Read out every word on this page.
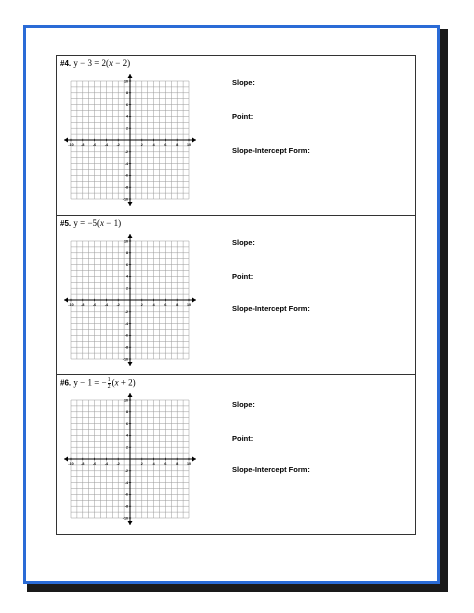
#4. y − 3 = 2(x − 2)
-10 -8 -6 -4 -2	2	4	6	8 10
10
8
6
4
2
-2
-4
-6
-8
-10
Slope:
Point:
Slope-Intercept Form:
#5. y = −5(x − 1)
-10 -8 -6 -4 -2	2	4	6	8 10
10
8
6
4
2
-2
-4
-6
-8
-10
Slope:
Point:
Slope-Intercept Form:
#6. y − 1 = − $\frac{1}{2} (x + 2)$
-10 -8 -6 -4 -2	2	4	6	8 10
10
8
6
4
2
-2
-4
-6
-8
-10
Slope:
Point:
Slope-Intercept Form:
